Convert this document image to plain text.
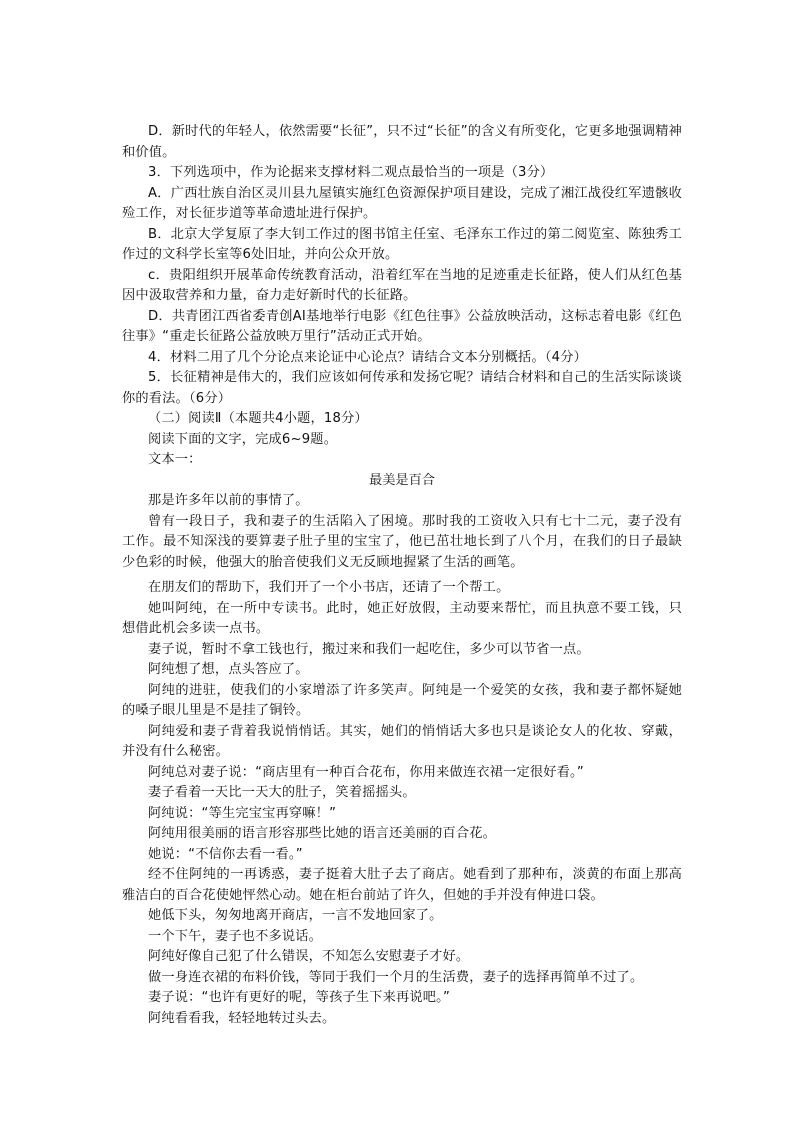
D．新时代的年轻人，依然需要“长征”，只不过“长征”的含义有所变化，它更多地强调精神和价值。

3．下列选项中，作为论据来支撑材料二观点最恰当的一项是（3分）

A．广西壮族自治区灵川县九屋镇实施红色资源保护项目建设，完成了湘江战役红军遗骸收殓工作，对长征步道等革命遗址进行保护。

B．北京大学复原了李大钊工作过的图书馆主任室、毛泽东工作过的第二阅览室、陈独秀工作过的文科学长室等6处旧址，并向公众开放。

c．贵阳组织开展革命传统教育活动，沿着红军在当地的足迹重走长征路，使人们从红色基因中汲取营养和力量，奋力走好新时代的长征路。

D．共青团江西省委青创AI基地举行电影《红色往事》公益放映活动，这标志着电影《红色往事》“重走长征路公益放映万里行”活动正式开始。

4．材料二用了几个分论点来论证中心论点？请结合文本分别概括。（4分）

5．长征精神是伟大的，我们应该如何传承和发扬它呢？请结合材料和自己的生活实际谈谈你的看法。（6分）

（二）阅读Ⅱ（本题共4小题，18分）

阅读下面的文字，完成6~9题。

文本一：

最美是百合

那是许多年以前的事情了。

曾有一段日子，我和妻子的生活陷入了困境。那时我的工资收入只有七十二元，妻子没有工作。最不知深浅的要算妻子肚子里的宝宝了，他已茁壮地长到了八个月，在我们的日子最缺少色彩的时候，他强大的胎音使我们义无反顾地握紧了生活的画笔。

在朋友们的帮助下，我们开了一个小书店，还请了一个帮工。

她叫阿纯，在一所中专读书。此时，她正好放假，主动要来帮忙，而且执意不要工钱，只想借此机会多读一点书。

妻子说，暂时不拿工钱也行，搬过来和我们一起吃住，多少可以节省一点。

阿纯想了想，点头答应了。

阿纯的进驻，使我们的小家增添了许多笑声。阿纯是一个爱笑的女孩，我和妻子都怀疑她的嗓子眼儿里是不是挂了铜铃。

阿纯爱和妻子背着我说悄悄话。其实，她们的悄悄话大多也只是谈论女人的化妆、穿戴，并没有什么秘密。

阿纯总对妻子说：“商店里有一种百合花布，你用来做连衣裙一定很好看。”

妻子看着一天比一天大的肚子，笑着摇摇头。

阿纯说：“等生完宝宝再穿嘛！”

阿纯用很美丽的语言形容那些比她的语言还美丽的百合花。

她说：“不信你去看一看。”

经不住阿纯的一再诱惑，妻子挺着大肚子去了商店。她看到了那种布，淡黄的布面上那高雅洁白的百合花使她怦然心动。她在柜台前站了许久，但她的手并没有伸进口袋。

她低下头，匆匆地离开商店，一言不发地回家了。

一个下午，妻子也不多说话。

阿纯好像自己犯了什么错误，不知怎么安慰妻子才好。

做一身连衣裙的布料价钱，等同于我们一个月的生活费，妻子的选择再简单不过了。

妻子说：“也许有更好的呢，等孩子生下来再说吧。”

阿纯看看我，轻轻地转过头去。
